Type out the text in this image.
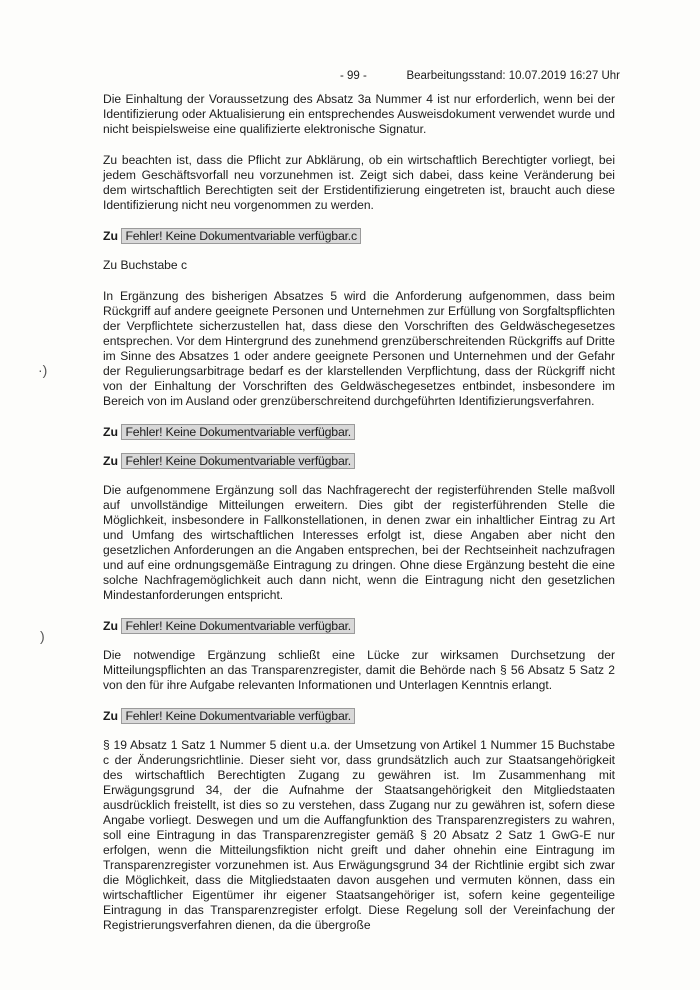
- 99 -	Bearbeitungsstand: 10.07.2019 16:27 Uhr
·)
)

Die Einhaltung der Voraussetzung des Absatz 3a Nummer 4 ist nur erforderlich, wenn bei der Identifizierung oder Aktualisierung ein entsprechendes Ausweisdokument verwendet wurde und nicht beispielsweise eine qualifizierte elektronische Signatur.

Zu beachten ist, dass die Pflicht zur Abklärung, ob ein wirtschaftlich Berechtigter vorliegt, bei jedem Geschäftsvorfall neu vorzunehmen ist. Zeigt sich dabei, dass keine Veränderung bei dem wirtschaftlich Berechtigten seit der Erstidentifizierung eingetreten ist, braucht auch diese Identifizierung nicht neu vorgenommen zu werden.

Zu Fehler! Keine Dokumentvariable verfügbar.c
Zu Buchstabe c

In Ergänzung des bisherigen Absatzes 5 wird die Anforderung aufgenommen, dass beim Rückgriff auf andere geeignete Personen und Unternehmen zur Erfüllung von Sorgfaltspflichten der Verpflichtete sicherzustellen hat, dass diese den Vorschriften des Geldwäschegesetzes entsprechen. Vor dem Hintergrund des zunehmend grenzüberschreitenden Rückgriffs auf Dritte im Sinne des Absatzes 1 oder andere geeignete Personen und Unternehmen und der Gefahr der Regulierungsarbitrage bedarf es der klarstellenden Verpflichtung, dass der Rückgriff nicht von der Einhaltung der Vorschriften des Geldwäschegesetzes entbindet, insbesondere im Bereich von im Ausland oder grenzüberschreitend durchgeführten Identifizierungsverfahren.

Zu Fehler! Keine Dokumentvariable verfügbar.
Zu Fehler! Keine Dokumentvariable verfügbar.

Die aufgenommene Ergänzung soll das Nachfragerecht der registerführenden Stelle maßvoll auf unvollständige Mitteilungen erweitern. Dies gibt der registerführenden Stelle die Möglichkeit, insbesondere in Fallkonstellationen, in denen zwar ein inhaltlicher Eintrag zu Art und Umfang des wirtschaftlichen Interesses erfolgt ist, diese Angaben aber nicht den gesetzlichen Anforderungen an die Angaben entsprechen, bei der Rechtseinheit nachzufragen und auf eine ordnungsgemäße Eintragung zu dringen. Ohne diese Ergänzung besteht die eine solche Nachfragemöglichkeit auch dann nicht, wenn die Eintragung nicht den gesetzlichen Mindestanforderungen entspricht.

Zu Fehler! Keine Dokumentvariable verfügbar.

Die notwendige Ergänzung schließt eine Lücke zur wirksamen Durchsetzung der Mitteilungspflichten an das Transparenzregister, damit die Behörde nach § 56 Absatz 5 Satz 2 von den für ihre Aufgabe relevanten Informationen und Unterlagen Kenntnis erlangt.

Zu Fehler! Keine Dokumentvariable verfügbar.

§ 19 Absatz 1 Satz 1 Nummer 5 dient u.a. der Umsetzung von Artikel 1 Nummer 15 Buchstabe c der Änderungsrichtlinie. Dieser sieht vor, dass grundsätzlich auch zur Staatsangehörigkeit des wirtschaftlich Berechtigten Zugang zu gewähren ist. Im Zusammenhang mit Erwägungsgrund 34, der die Aufnahme der Staatsangehörigkeit den Mitgliedstaaten ausdrücklich freistellt, ist dies so zu verstehen, dass Zugang nur zu gewähren ist, sofern diese Angabe vorliegt. Deswegen und um die Auffangfunktion des Transparenzregisters zu wahren, soll eine Eintragung in das Transparenzregister gemäß § 20 Absatz 2 Satz 1 GwG-E nur erfolgen, wenn die Mitteilungsfiktion nicht greift und daher ohnehin eine Eintragung im Transparenzregister vorzunehmen ist. Aus Erwägungsgrund 34 der Richtlinie ergibt sich zwar die Möglichkeit, dass die Mitgliedstaaten davon ausgehen und vermuten können, dass ein wirtschaftlicher Eigentümer ihr eigener Staatsangehöriger ist, sofern keine gegenteilige Eintragung in das Transparenzregister erfolgt. Diese Regelung soll der Vereinfachung der Registrierungsverfahren dienen, da die übergroße
